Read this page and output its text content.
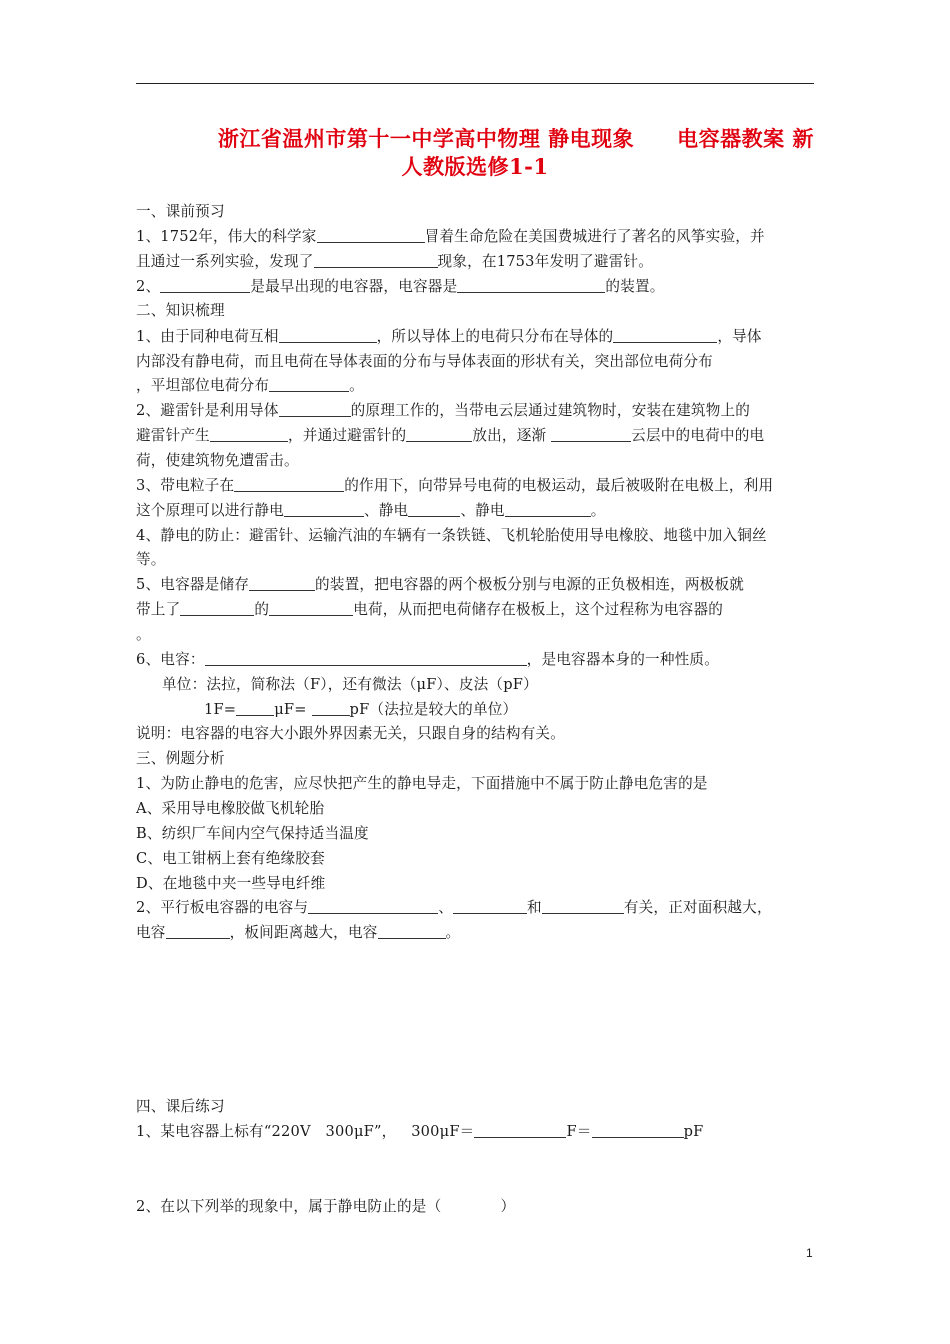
浙江省温州市第十一中学高中物理 静电现象　　电容器教案 新
人教版选修1-1
一、课前预习
1、1752年，伟大的科学家	冒着生命危险在美国费城进行了著名的风筝实验，并
且通过一系列实验，发现了	现象，在1753年发明了避雷针。
2、	是最早出现的电容器，电容器是	的装置。
二、知识梳理
1、由于同种电荷互相	，所以导体上的电荷只分布在导体的	，导体
内部没有静电荷，而且电荷在导体表面的分布与导体表面的形状有关，突出部位电荷分布
，平坦部位电荷分布	。
2、避雷针是利用导体	的原理工作的，当带电云层通过建筑物时，安装在建筑物上的
避雷针产生	，并通过避雷针的	放出，逐渐	云层中的电荷中的电
荷，使建筑物免遭雷击。
3、带电粒子在	的作用下，向带异号电荷的电极运动，最后被吸附在电极上，利用
这个原理可以进行静电	、静电	、静电	。
4、静电的防止：避雷针、运输汽油的车辆有一条铁链、飞机轮胎使用导电橡胶、地毯中加入铜丝
等。
5、电容器是储存	的装置，把电容器的两个极板分别与电源的正负极相连，两极板就
带上了	的	电荷，从而把电荷储存在极板上，这个过程称为电容器的
。
6、电容：	，是电容器本身的一种性质。
单位：法拉，简称法（F），还有微法（μF）、皮法（pF）
1F=	μF=	pF（法拉是较大的单位）
说明：电容器的电容大小跟外界因素无关，只跟自身的结构有关。
三、例题分析
1、为防止静电的危害，应尽快把产生的静电导走，下面措施中不属于防止静电危害的是
A、采用导电橡胶做飞机轮胎
B、纺织厂车间内空气保持适当温度
C、电工钳柄上套有绝缘胶套
D、在地毯中夹一些导电纤维
2、平行板电容器的电容与	、	和	有关，正对面积越大，
电容	，板间距离越大，电容	。
四、课后练习
1、某电容器上标有“220V 300μF”， 300μF＝	F＝	pF
2、在以下列举的现象中，属于静电防止的是（　　　　）
1
